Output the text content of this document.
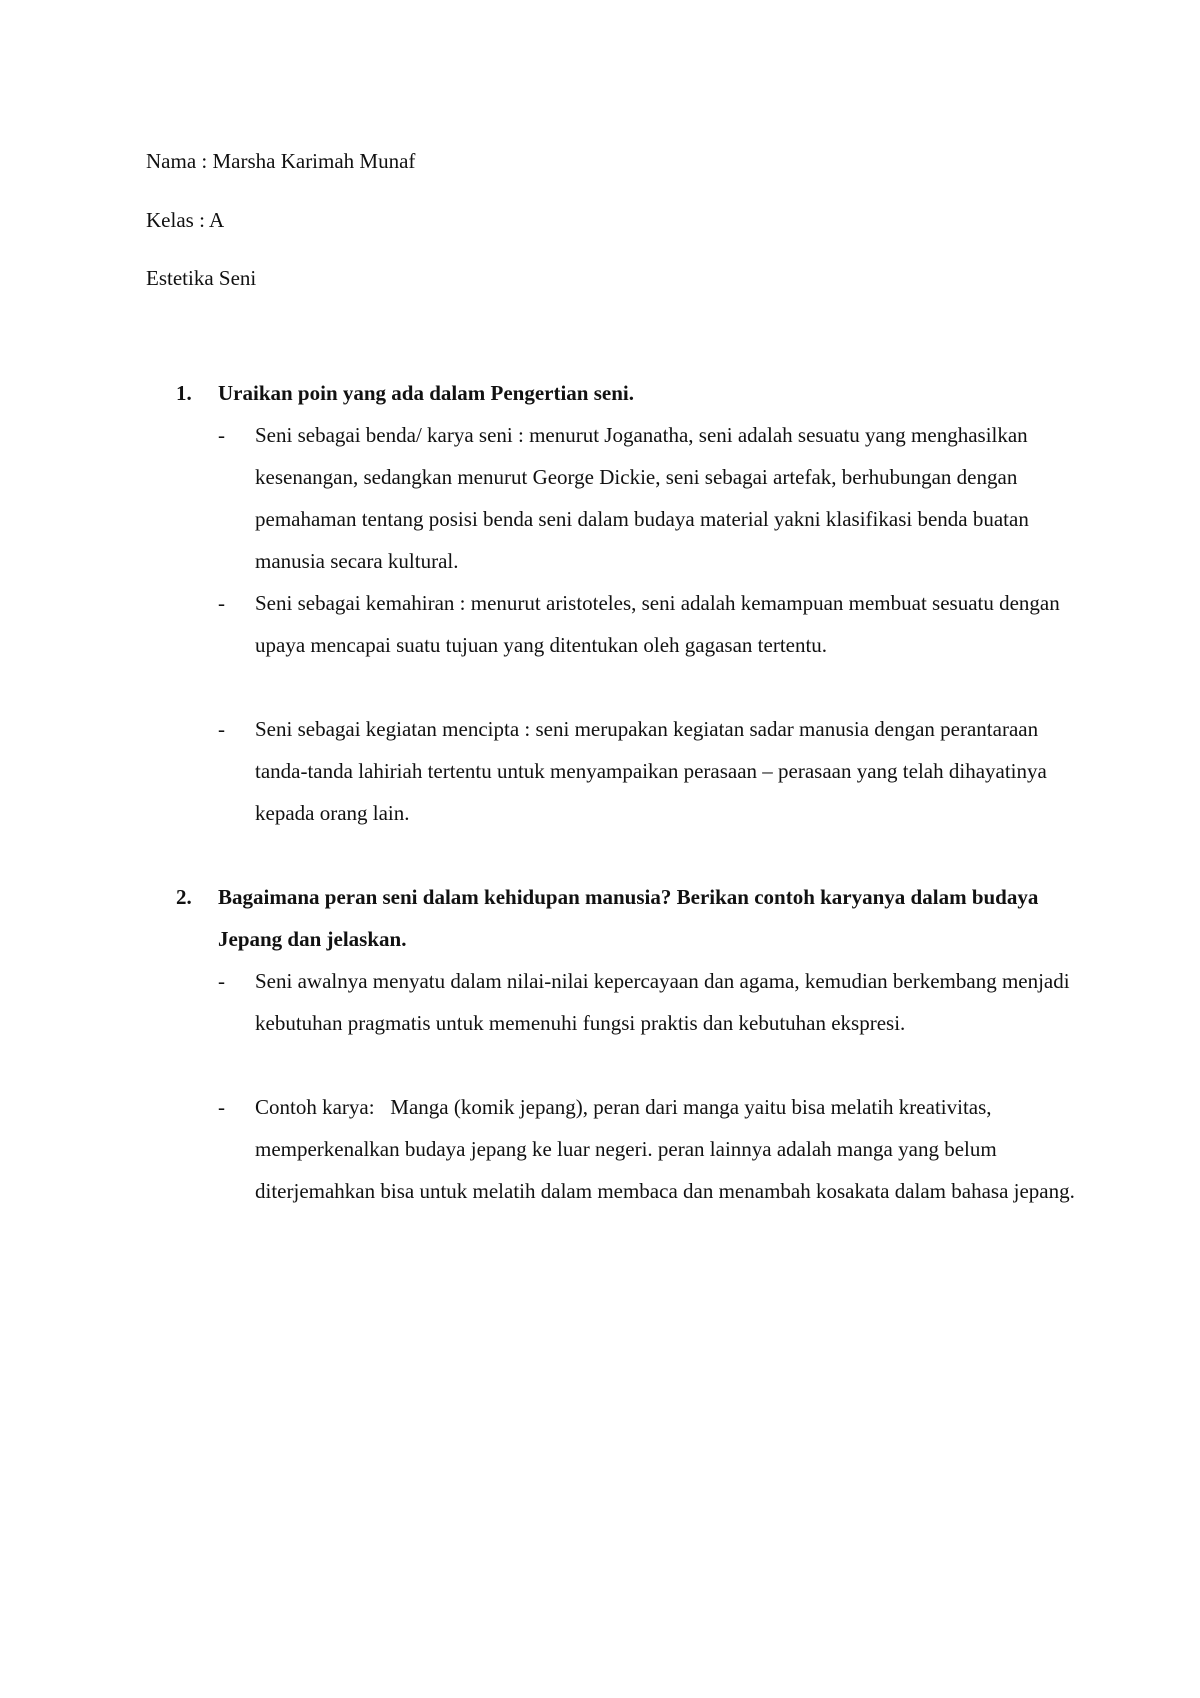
Nama : Marsha Karimah Munaf
Kelas : A
Estetika Seni
1. Uraikan poin yang ada dalam Pengertian seni.
- Seni sebagai benda/ karya seni : menurut Joganatha, seni adalah sesuatu yang menghasilkan kesenangan, sedangkan menurut George Dickie, seni sebagai artefak, berhubungan dengan pemahaman tentang posisi benda seni dalam budaya material yakni klasifikasi benda buatan manusia secara kultural.
- Seni sebagai kemahiran : menurut aristoteles, seni adalah kemampuan membuat sesuatu dengan upaya mencapai suatu tujuan yang ditentukan oleh gagasan tertentu.
- Seni sebagai kegiatan mencipta : seni merupakan kegiatan sadar manusia dengan perantaraan tanda-tanda lahiriah tertentu untuk menyampaikan perasaan – perasaan yang telah dihayatinya kepada orang lain.
2. Bagaimana peran seni dalam kehidupan manusia? Berikan contoh karyanya dalam budaya Jepang dan jelaskan.
- Seni awalnya menyatu dalam nilai-nilai kepercayaan dan agama, kemudian berkembang menjadi kebutuhan pragmatis untuk memenuhi fungsi praktis dan kebutuhan ekspresi.
- Contoh karya:   Manga (komik jepang), peran dari manga yaitu bisa melatih kreativitas, memperkenalkan budaya jepang ke luar negeri. peran lainnya adalah manga yang belum diterjemahkan bisa untuk melatih dalam membaca dan menambah kosakata dalam bahasa jepang.
